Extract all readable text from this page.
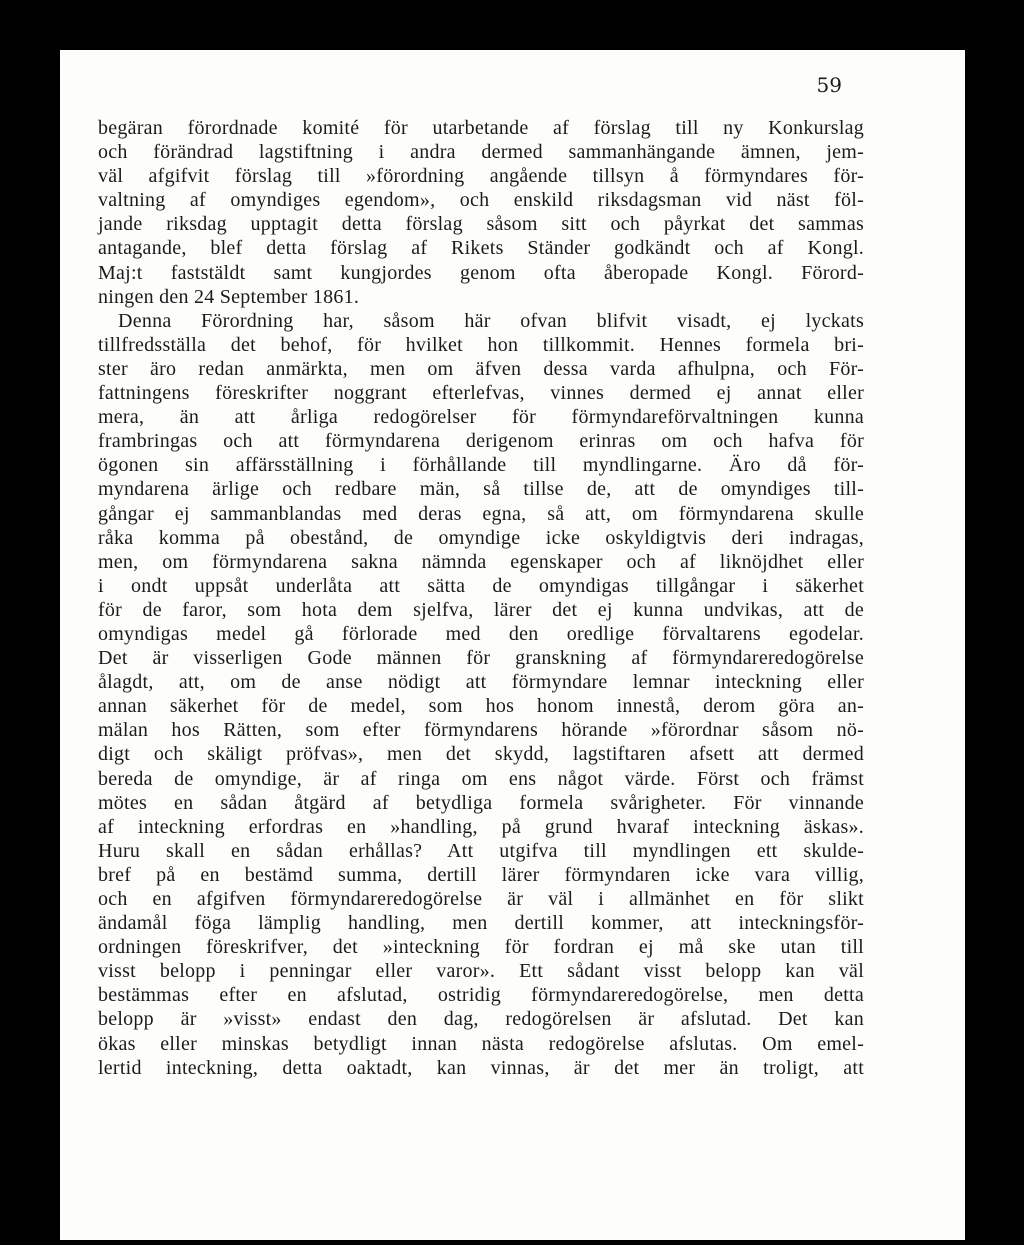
59
begäran förordnade komité för utarbetande af förslag till ny Konkurslag
och förändrad lagstiftning i andra dermed sammanhängande ämnen, jem-
väl afgifvit förslag till »förordning angående tillsyn å förmyndares för-
valtning af omyndiges egendom», och enskild riksdagsman vid näst föl-
jande riksdag upptagit detta förslag såsom sitt och påyrkat det sammas
antagande, blef detta förslag af Rikets Ständer godkändt och af Kongl.
Maj:t faststäldt samt kungjordes genom ofta åberopade Kongl. Förord-
ningen den 24 September 1861.
Denna Förordning har, såsom här ofvan blifvit visadt, ej lyckats
tillfredsställa det behof, för hvilket hon tillkommit. Hennes formela bri-
ster äro redan anmärkta, men om äfven dessa varda afhulpna, och För-
fattningens föreskrifter noggrant efterlefvas, vinnes dermed ej annat eller
mera, än att årliga redogörelser för förmyndareförvaltningen kunna
frambringas och att förmyndarena derigenom erinras om och hafva för
ögonen sin affärsställning i förhållande till myndlingarne. Äro då för-
myndarena ärlige och redbare män, så tillse de, att de omyndiges till-
gångar ej sammanblandas med deras egna, så att, om förmyndarena skulle
råka komma på obestånd, de omyndige icke oskyldigtvis deri indragas,
men, om förmyndarena sakna nämnda egenskaper och af liknöjdhet eller
i ondt uppsåt underlåta att sätta de omyndigas tillgångar i säkerhet
för de faror, som hota dem sjelfva, lärer det ej kunna undvikas, att de
omyndigas medel gå förlorade med den oredlige förvaltarens egodelar.
Det är visserligen Gode männen för granskning af förmyndareredogörelse
ålagdt, att, om de anse nödigt att förmyndare lemnar inteckning eller
annan säkerhet för de medel, som hos honom innestå, derom göra an-
mälan hos Rätten, som efter förmyndarens hörande »förordnar såsom nö-
digt och skäligt pröfvas», men det skydd, lagstiftaren afsett att dermed
bereda de omyndige, är af ringa om ens något värde. Först och främst
mötes en sådan åtgärd af betydliga formela svårigheter. För vinnande
af inteckning erfordras en »handling, på grund hvaraf inteckning äskas».
Huru skall en sådan erhållas? Att utgifva till myndlingen ett skulde-
bref på en bestämd summa, dertill lärer förmyndaren icke vara villig,
och en afgifven förmyndareredogörelse är väl i allmänhet en för slikt
ändamål föga lämplig handling, men dertill kommer, att inteckningsför-
ordningen föreskrifver, det »inteckning för fordran ej må ske utan till
visst belopp i penningar eller varor». Ett sådant visst belopp kan väl
bestämmas efter en afslutad, ostridig förmyndareredogörelse, men detta
belopp är »visst» endast den dag, redogörelsen är afslutad. Det kan
ökas eller minskas betydligt innan nästa redogörelse afslutas. Om emel-
lertid inteckning, detta oaktadt, kan vinnas, är det mer än troligt, att
